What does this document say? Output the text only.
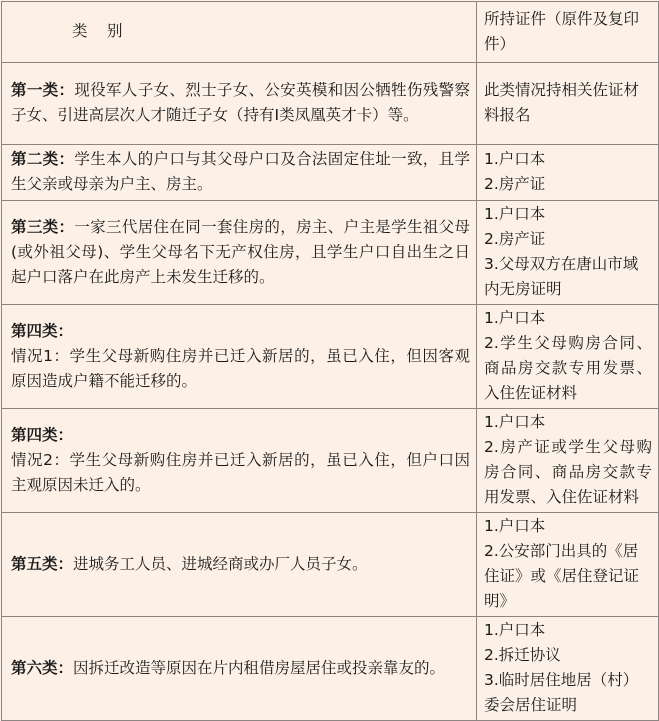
类　别	所持证件（原件及复印件）
第一类：现役军人子女、烈士子女、公安英模和因公牺牲伤残警察子女、引进高层次人才随迁子女（持有Ⅰ类凤凰英才卡）等。	此类情况持相关佐证材料报名

第二类：学生本人的户口与其父母户口及合法固定住址一致，且学生父亲或母亲为户主、房主。	1.户口本
2.房产证

第三类：一家三代居住在同一套住房的，房主、户主是学生祖父母(或外祖父母)、学生父母名下无产权住房，且学生户口自出生之日起户口落户在此房产上未发生迁移的。	1.户口本
2.房产证
3.父母双方在唐山市域内无房证明

第四类：
情况1：学生父母新购住房并已迁入新居的，虽已入住，但因客观原因造成户籍不能迁移的。	1.户口本
2.学生父母购房合同、商品房交款专用发票、入住佐证材料

第四类：
情况2：学生父母新购住房并已迁入新居的，虽已入住，但户口因主观原因未迁入的。	1.户口本
2.房产证或学生父母购房合同、商品房交款专用发票、入住佐证材料

第五类：进城务工人员、进城经商或办厂人员子女。	1.户口本
2.公安部门出具的《居住证》或《居住登记证明》

第六类：因拆迁改造等原因在片内租借房屋居住或投亲靠友的。	1.户口本
2.拆迁协议
3.临时居住地居（村）委会居住证明
